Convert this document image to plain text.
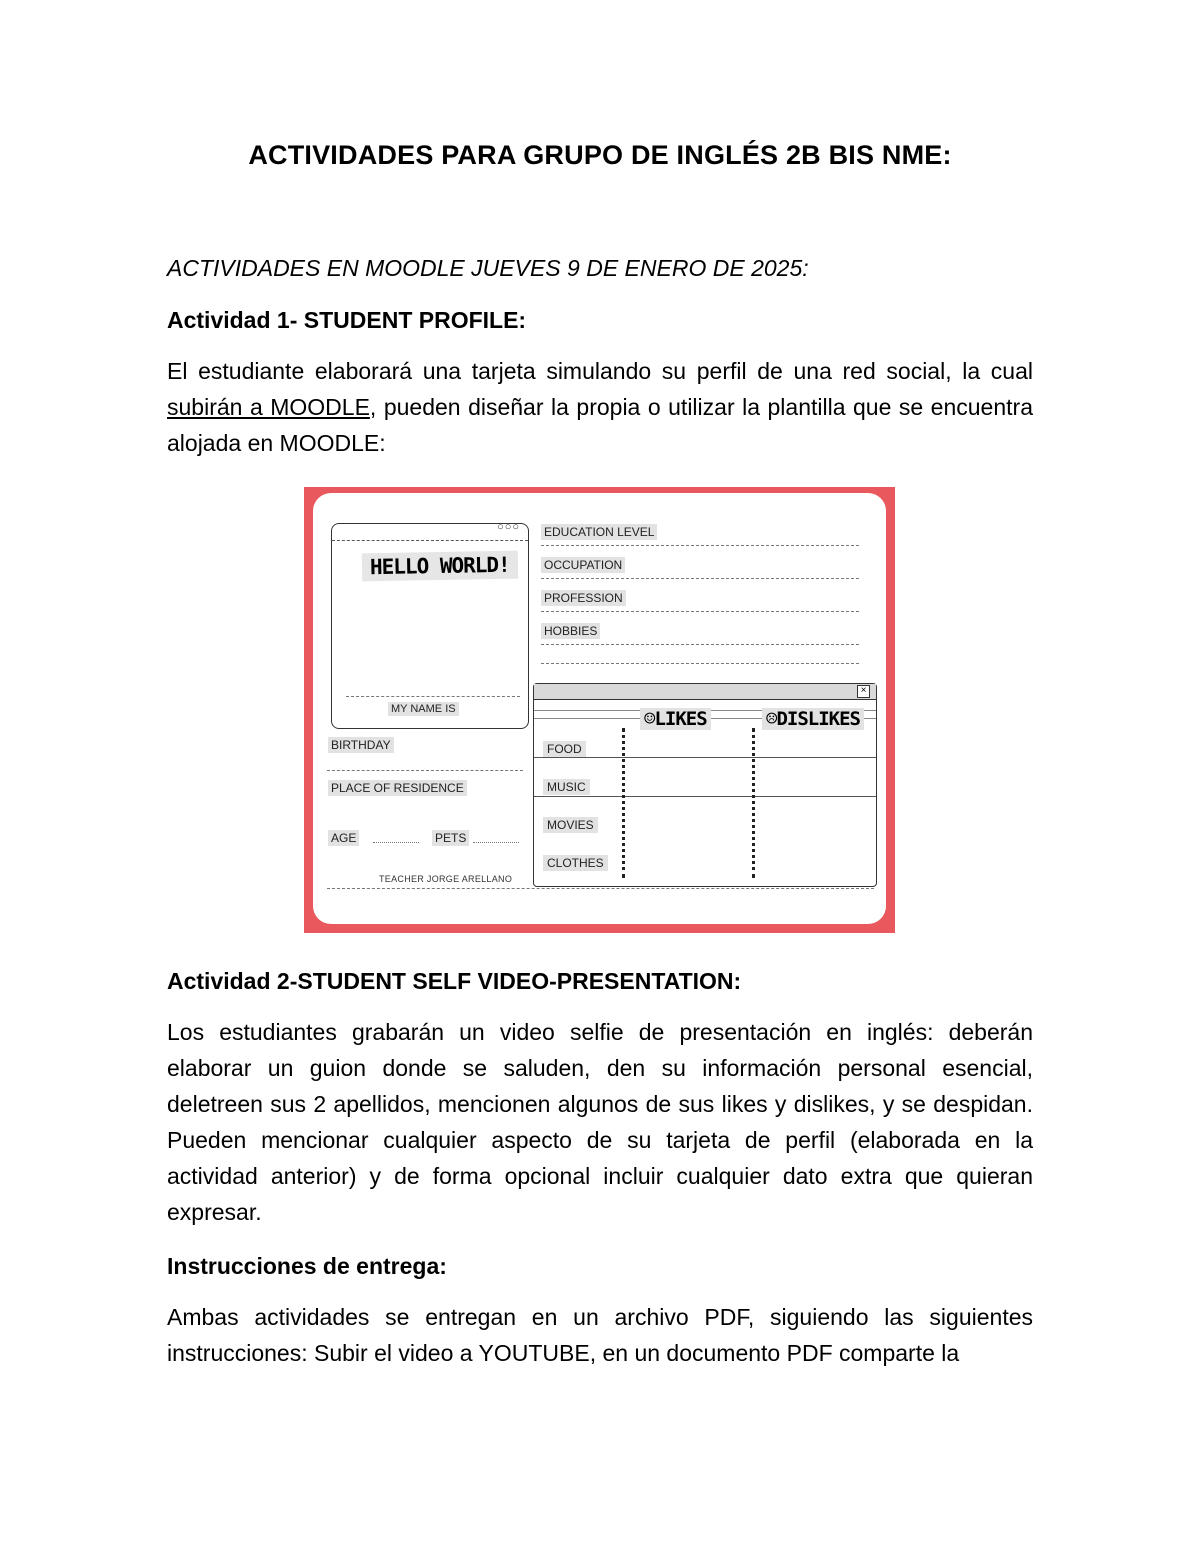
ACTIVIDADES PARA GRUPO DE INGLÉS 2B BIS NME:
ACTIVIDADES EN MOODLE JUEVES 9 DE ENERO DE 2025:
Actividad 1- STUDENT PROFILE:
El estudiante elaborará una tarjeta simulando su perfil de una red social, la cual subirán a MOODLE, pueden diseñar la propia o utilizar la plantilla que se encuentra alojada en MOODLE:
○○○
HELLO WORLD!
MY NAME IS
BIRTHDAY
PLACE OF RESIDENCE
AGE	PETS
TEACHER JORGE ARELLANO
EDUCATION LEVEL
OCCUPATION
PROFESSION
HOBBIES
×
☺LIKES	☹DISLIKES
FOOD
MUSIC
MOVIES
CLOTHES
Actividad 2-STUDENT SELF VIDEO-PRESENTATION:
Los estudiantes grabarán un video selfie de presentación en inglés: deberán elaborar un guion donde se saluden, den su información personal esencial, deletreen sus 2 apellidos, mencionen algunos de sus likes y dislikes, y se despidan. Pueden mencionar cualquier aspecto de su tarjeta de perfil (elaborada en la actividad anterior) y de forma opcional incluir cualquier dato extra que quieran expresar.
Instrucciones de entrega:
Ambas actividades se entregan en un archivo PDF, siguiendo las siguientes instrucciones: Subir el video a YOUTUBE, en un documento PDF comparte la
